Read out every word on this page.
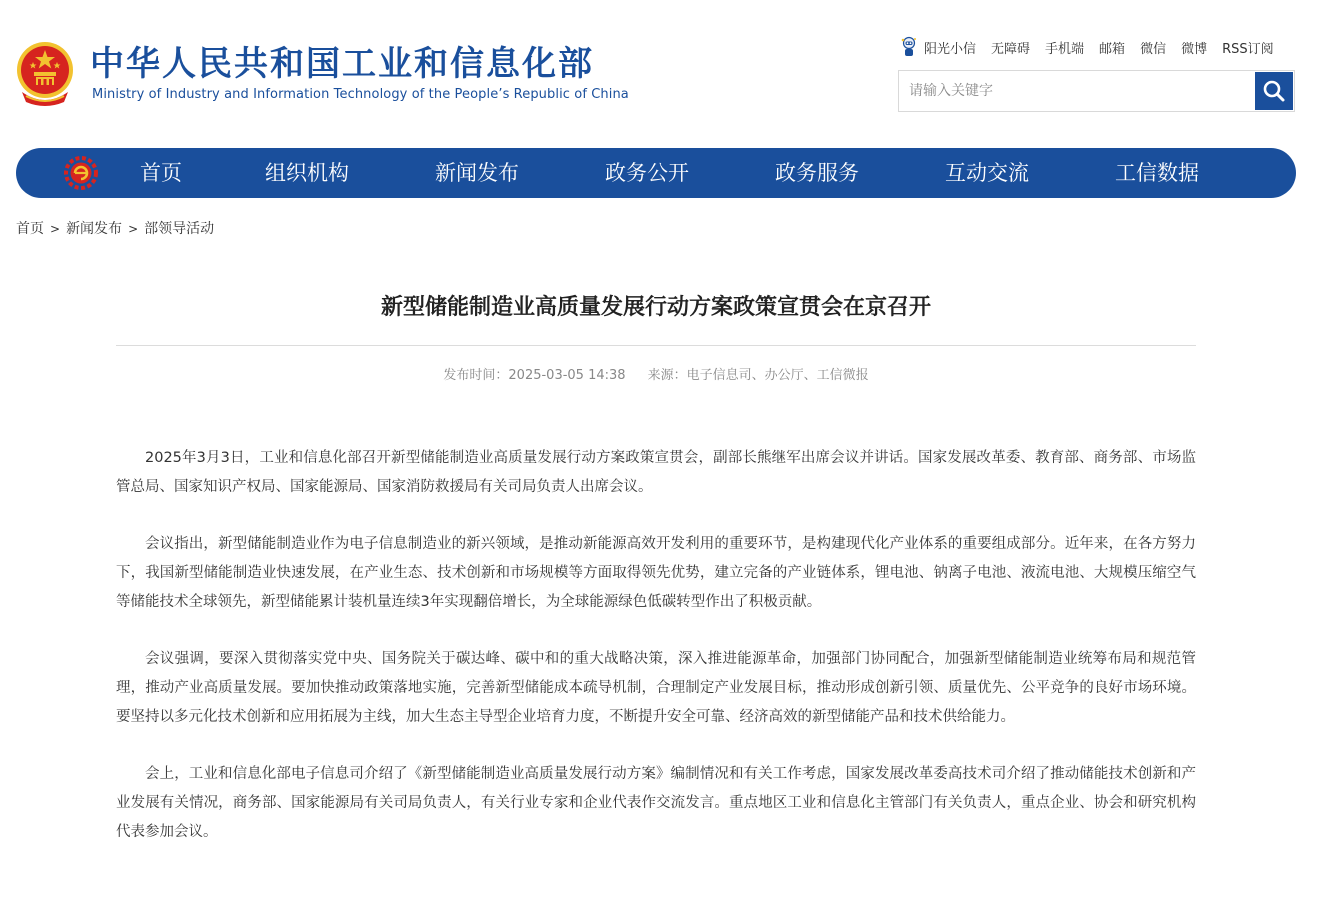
中华人民共和国工业和信息化部
Ministry of Industry and Information Technology of the People’s Republic of China
阳光小信 无障碍 手机端 邮箱 微信 微博 RSS订阅
请输入关键字
首页	组织机构	新闻发布	政务公开	政务服务	互动交流	工信数据
首页 > 新闻发布 > 部领导活动
新型储能制造业高质量发展行动方案政策宣贯会在京召开
发布时间：2025-03-05 14:38 来源：电子信息司、办公厅、工信微报

2025年3月3日，工业和信息化部召开新型储能制造业高质量发展行动方案政策宣贯会，副部长熊继军出席会议并讲话。国家发展改革委、教育部、商务部、市场监管总局、国家知识产权局、国家能源局、国家消防救援局有关司局负责人出席会议。

会议指出，新型储能制造业作为电子信息制造业的新兴领域，是推动新能源高效开发利用的重要环节，是构建现代化产业体系的重要组成部分。近年来，在各方努力下，我国新型储能制造业快速发展，在产业生态、技术创新和市场规模等方面取得领先优势，建立完备的产业链体系，锂电池、钠离子电池、液流电池、大规模压缩空气等储能技术全球领先，新型储能累计装机量连续3年实现翻倍增长，为全球能源绿色低碳转型作出了积极贡献。

会议强调，要深入贯彻落实党中央、国务院关于碳达峰、碳中和的重大战略决策，深入推进能源革命，加强部门协同配合，加强新型储能制造业统筹布局和规范管理，推动产业高质量发展。要加快推动政策落地实施，完善新型储能成本疏导机制，合理制定产业发展目标，推动形成创新引领、质量优先、公平竞争的良好市场环境。要坚持以多元化技术创新和应用拓展为主线，加大生态主导型企业培育力度，不断提升安全可靠、经济高效的新型储能产品和技术供给能力。

会上，工业和信息化部电子信息司介绍了《新型储能制造业高质量发展行动方案》编制情况和有关工作考虑，国家发展改革委高技术司介绍了推动储能技术创新和产业发展有关情况，商务部、国家能源局有关司局负责人，有关行业专家和企业代表作交流发言。重点地区工业和信息化主管部门有关负责人，重点企业、协会和研究机构代表参加会议。
